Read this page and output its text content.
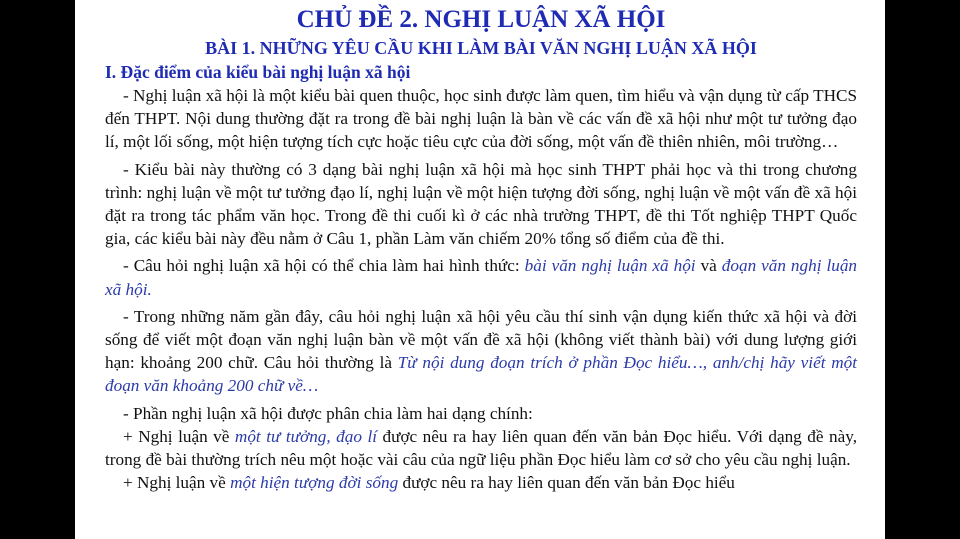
CHỦ ĐỀ 2. NGHỊ LUẬN XÃ HỘI
BÀI 1. NHỮNG YÊU CẦU KHI LÀM BÀI VĂN NGHỊ LUẬN XÃ HỘI
I. Đặc điểm của kiểu bài nghị luận xã hội

- Nghị luận xã hội là một kiểu bài quen thuộc, học sinh được làm quen, tìm hiểu và vận dụng từ cấp THCS đến THPT. Nội dung thường đặt ra trong đề bài nghị luận là bàn về các vấn đề xã hội như một tư tưởng đạo lí, một lối sống, một hiện tượng tích cực hoặc tiêu cực của đời sống, một vấn đề thiên nhiên, môi trường…

- Kiểu bài này thường có 3 dạng bài nghị luận xã hội mà học sinh THPT phải học và thi trong chương trình: nghị luận về một tư tưởng đạo lí, nghị luận về một hiện tượng đời sống, nghị luận về một vấn đề xã hội đặt ra trong tác phẩm văn học. Trong đề thi cuối kì ở các nhà trường THPT, đề thi Tốt nghiệp THPT Quốc gia, các kiểu bài này đều nằm ở Câu 1, phần Làm văn chiếm 20% tổng số điểm của đề thi.

- Câu hỏi nghị luận xã hội có thể chia làm hai hình thức: bài văn nghị luận xã hội và đoạn văn nghị luận xã hội.

- Trong những năm gần đây, câu hỏi nghị luận xã hội yêu cầu thí sinh vận dụng kiến thức xã hội và đời sống để viết một đoạn văn nghị luận bàn về một vấn đề xã hội (không viết thành bài) với dung lượng giới hạn: khoảng 200 chữ. Câu hỏi thường là Từ nội dung đoạn trích ở phần Đọc hiểu…, anh/chị hãy viết một đoạn văn khoảng 200 chữ về…

- Phần nghị luận xã hội được phân chia làm hai dạng chính:

+ Nghị luận về một tư tưởng, đạo lí được nêu ra hay liên quan đến văn bản Đọc hiểu. Với dạng đề này, trong đề bài thường trích nêu một hoặc vài câu của ngữ liệu phần Đọc hiểu làm cơ sở cho yêu cầu nghị luận.

+ Nghị luận về một hiện tượng đời sống được nêu ra hay liên quan đến văn bản Đọc hiểu
